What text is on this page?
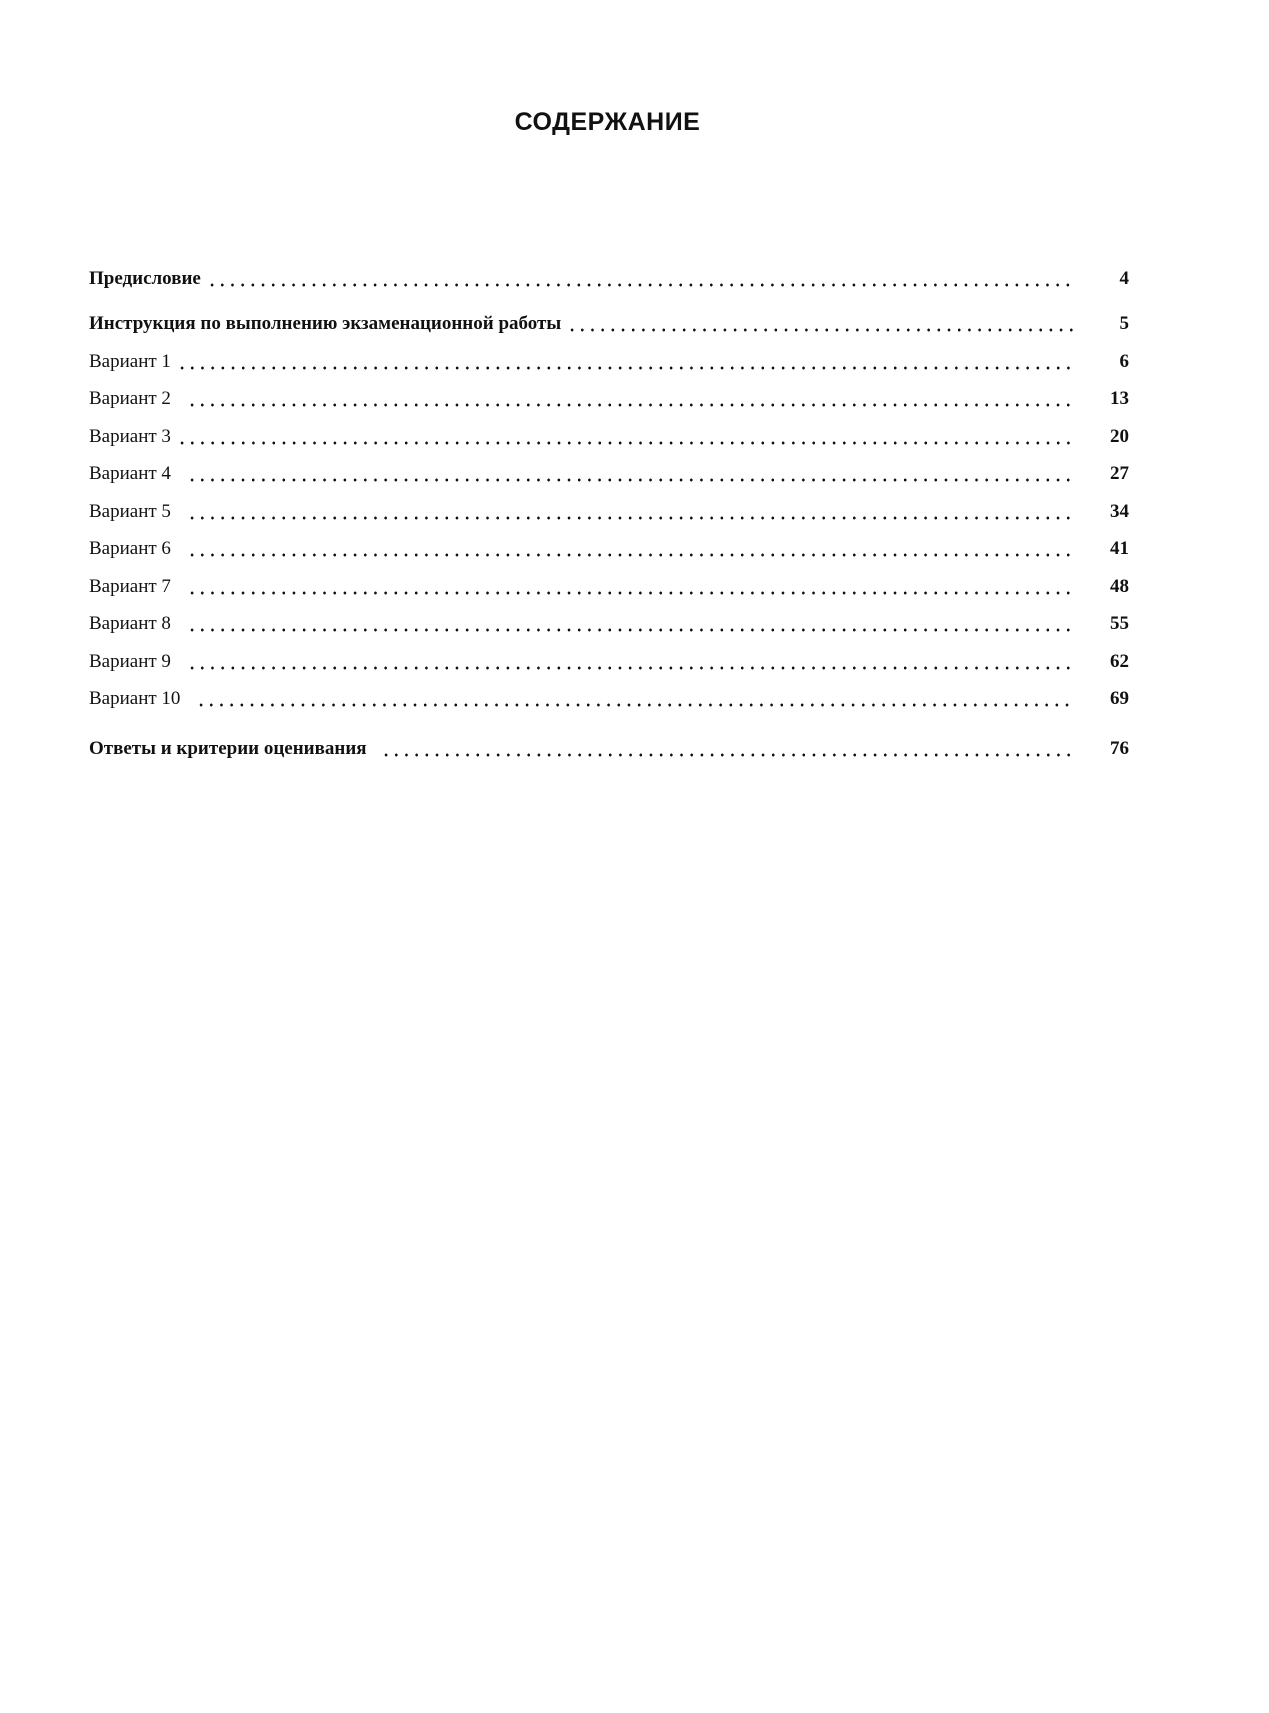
СОДЕРЖАНИЕ
Предисловие	4
Инструкция по выполнению экзаменационной работы	5
Вариант 1	6
Вариант 2	13
Вариант 3	20
Вариант 4	27
Вариант 5	34
Вариант 6	41
Вариант 7	48
Вариант 8	55
Вариант 9	62
Вариант 10	69
Ответы и критерии оценивания	76
